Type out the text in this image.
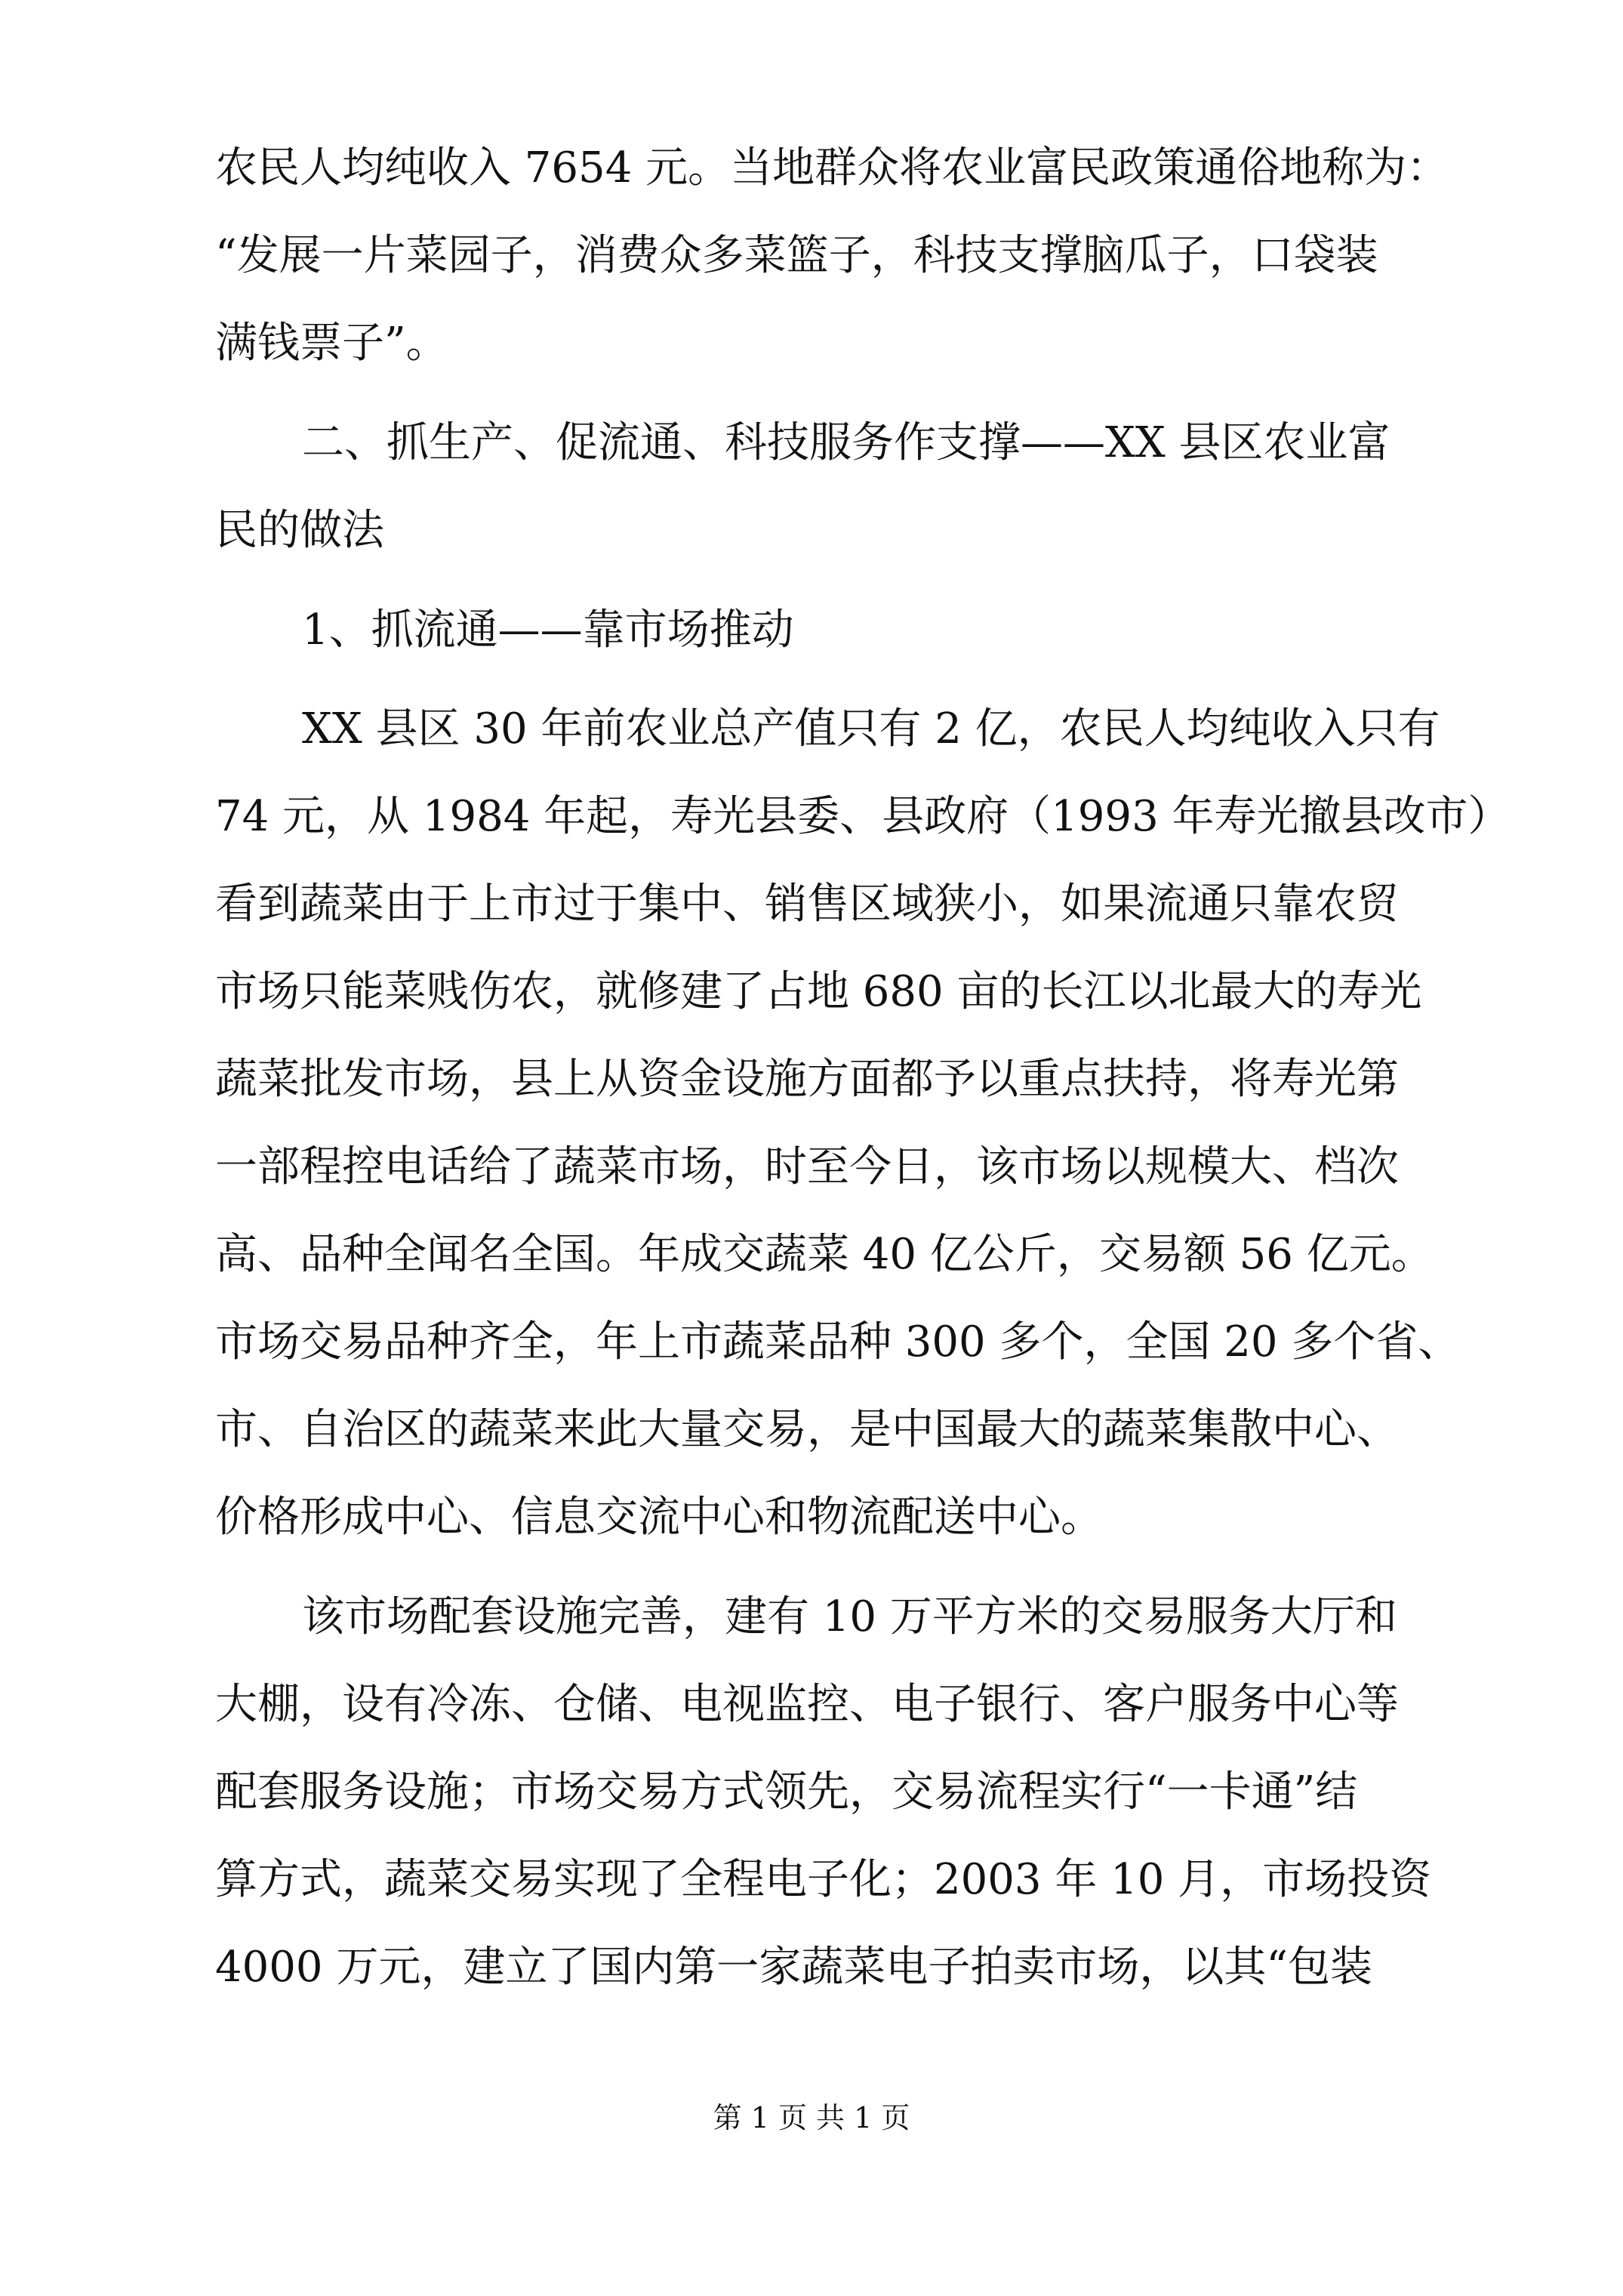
农民人均纯收入 7654 元。当地群众将农业富民政策通俗地称为：
“发展一片菜园子，消费众多菜篮子，科技支撑脑瓜子，口袋装
满钱票子”。
二、抓生产、促流通、科技服务作支撑——XX 县区农业富
民的做法
1、抓流通——靠市场推动
XX 县区 30 年前农业总产值只有 2 亿，农民人均纯收入只有
74 元，从 1984 年起，寿光县委、县政府（1993 年寿光撤县改市）
看到蔬菜由于上市过于集中、销售区域狭小，如果流通只靠农贸
市场只能菜贱伤农，就修建了占地 680 亩的长江以北最大的寿光
蔬菜批发市场，县上从资金设施方面都予以重点扶持，将寿光第
一部程控电话给了蔬菜市场，时至今日，该市场以规模大、档次
高、品种全闻名全国。年成交蔬菜 40 亿公斤，交易额 56 亿元。
市场交易品种齐全，年上市蔬菜品种 300 多个，全国 20 多个省、
市、自治区的蔬菜来此大量交易，是中国最大的蔬菜集散中心、
价格形成中心、信息交流中心和物流配送中心。
该市场配套设施完善，建有 10 万平方米的交易服务大厅和
大棚，设有冷冻、仓储、电视监控、电子银行、客户服务中心等
配套服务设施；市场交易方式领先，交易流程实行“一卡通”结
算方式，蔬菜交易实现了全程电子化；2003 年 10 月，市场投资
4000 万元，建立了国内第一家蔬菜电子拍卖市场，以其“包装
第 1 页 共 1 页
